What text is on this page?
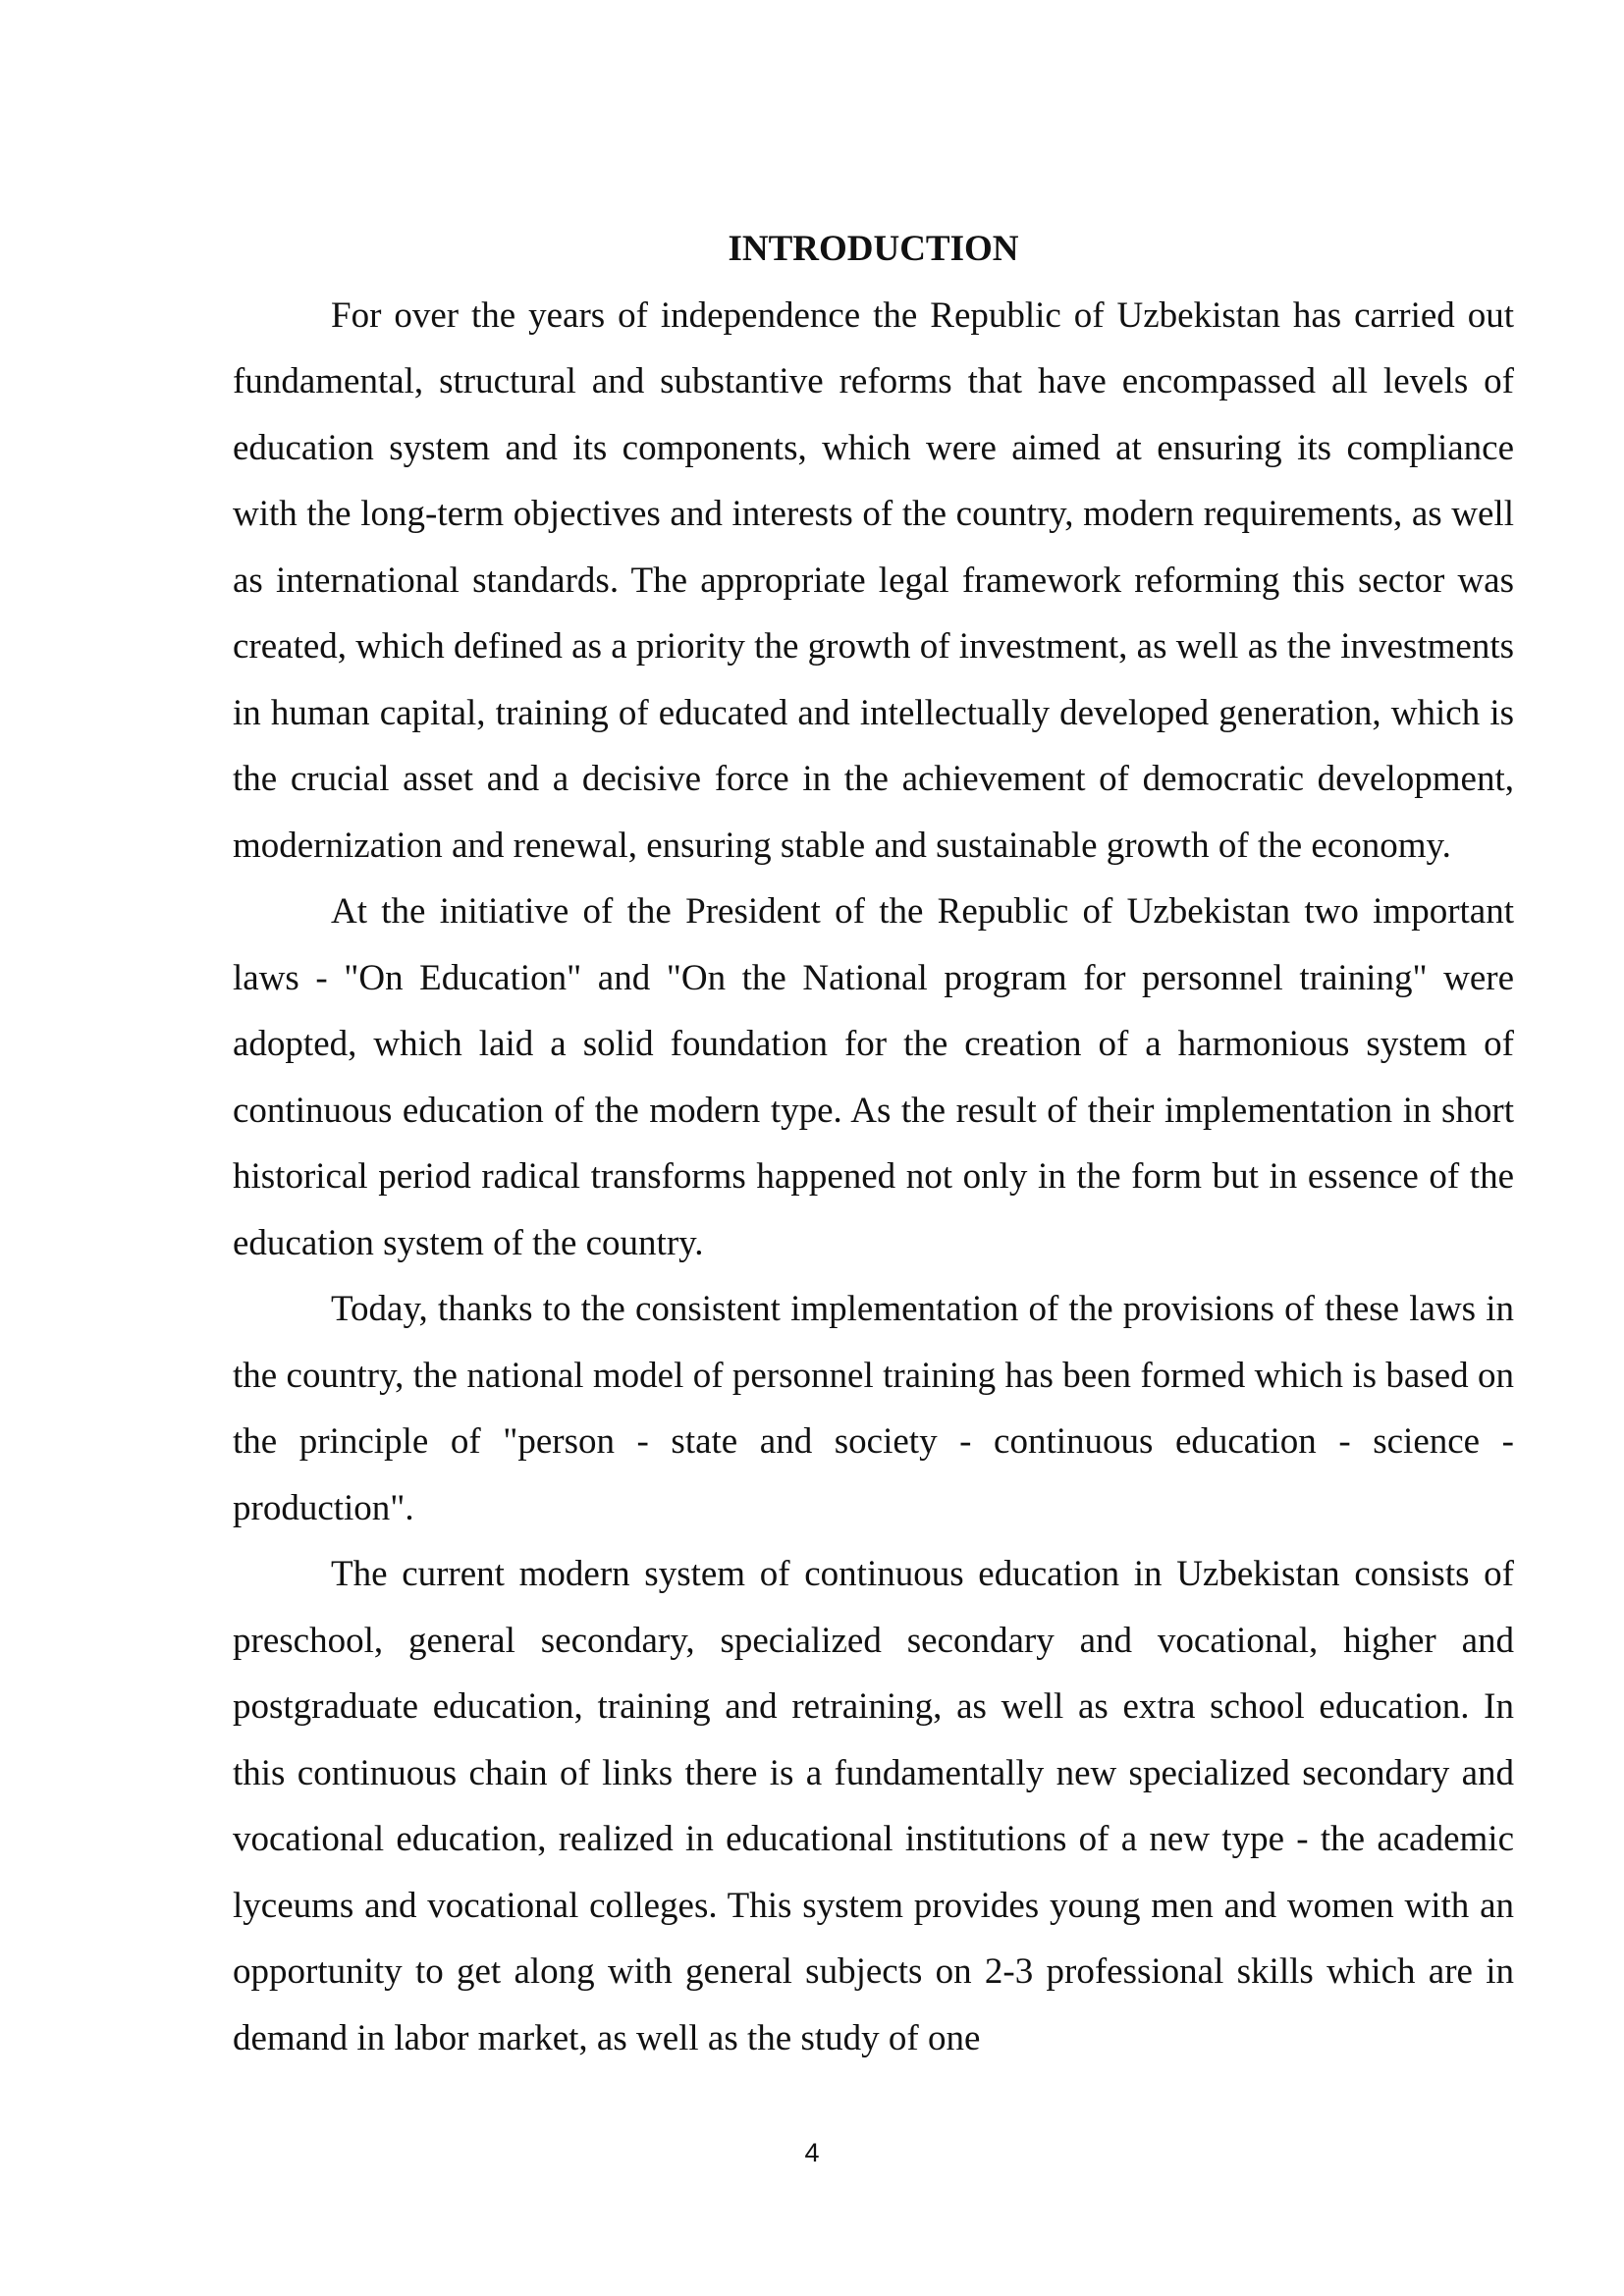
INTRODUCTION

For over the years of independence the Republic of Uzbekistan has carried out fundamental, structural and substantive reforms that have encompassed all levels of education system and its components, which were aimed at ensuring its compliance with the long-term objectives and interests of the country, modern requirements, as well as international standards. The appropriate legal framework reforming this sector was created, which defined as a priority the growth of investment, as well as the investments in human capital, training of educated and intellectually developed generation, which is the crucial asset and a decisive force in the achievement of democratic development, modernization and renewal, ensuring stable and sustainable growth of the economy.

At the initiative of the President of the Republic of Uzbekistan two important laws - "On Education" and "On the National program for personnel training" were adopted, which laid a solid foundation for the creation of a harmonious system of continuous education of the modern type. As the result of their implementation in short historical period radical transforms happened not only in the form but in essence of the education system of the country.

Today, thanks to the consistent implementation of the provisions of these laws in the country, the national model of personnel training has been formed which is based on the principle of "person - state and society - continuous education - science - production".

The current modern system of continuous education in Uzbekistan consists of preschool, general secondary, specialized secondary and vocational, higher and postgraduate education, training and retraining, as well as extra school education. In this continuous chain of links there is a fundamentally new specialized secondary and vocational education, realized in educational institutions of a new type - the academic lyceums and vocational colleges. This system provides young men and women with an opportunity to get along with general subjects on 2-3 professional skills which are in demand in labor market, as well as the study of one

4
